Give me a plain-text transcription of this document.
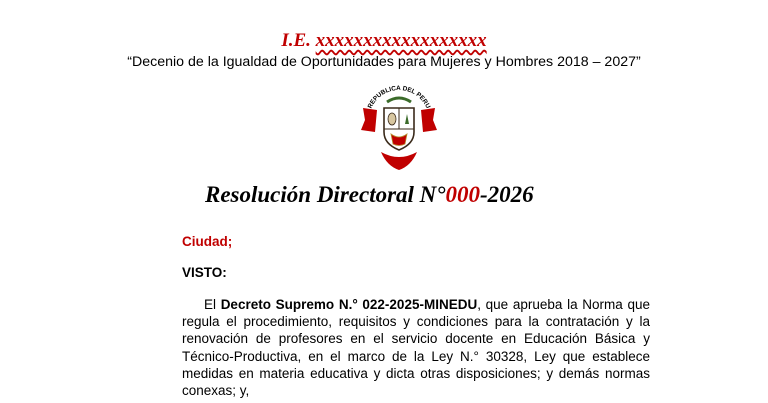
I.E. xxxxxxxxxxxxxxxxxx

“Decenio de la Igualdad de Oportunidades para Mujeres y Hombres 2018 – 2027”

REPUBLICA DEL PERU

Resolución Directoral N°000-2026

Ciudad;

VISTO:

El Decreto Supremo N.° 022-2025-MINEDU, que aprueba la Norma que regula el procedimiento, requisitos y condiciones para la contratación y la renovación de profesores en el servicio docente en Educación Básica y Técnico-Productiva, en el marco de la Ley N.° 30328, Ley que establece medidas en materia educativa y dicta otras disposiciones; y demás normas conexas; y,
